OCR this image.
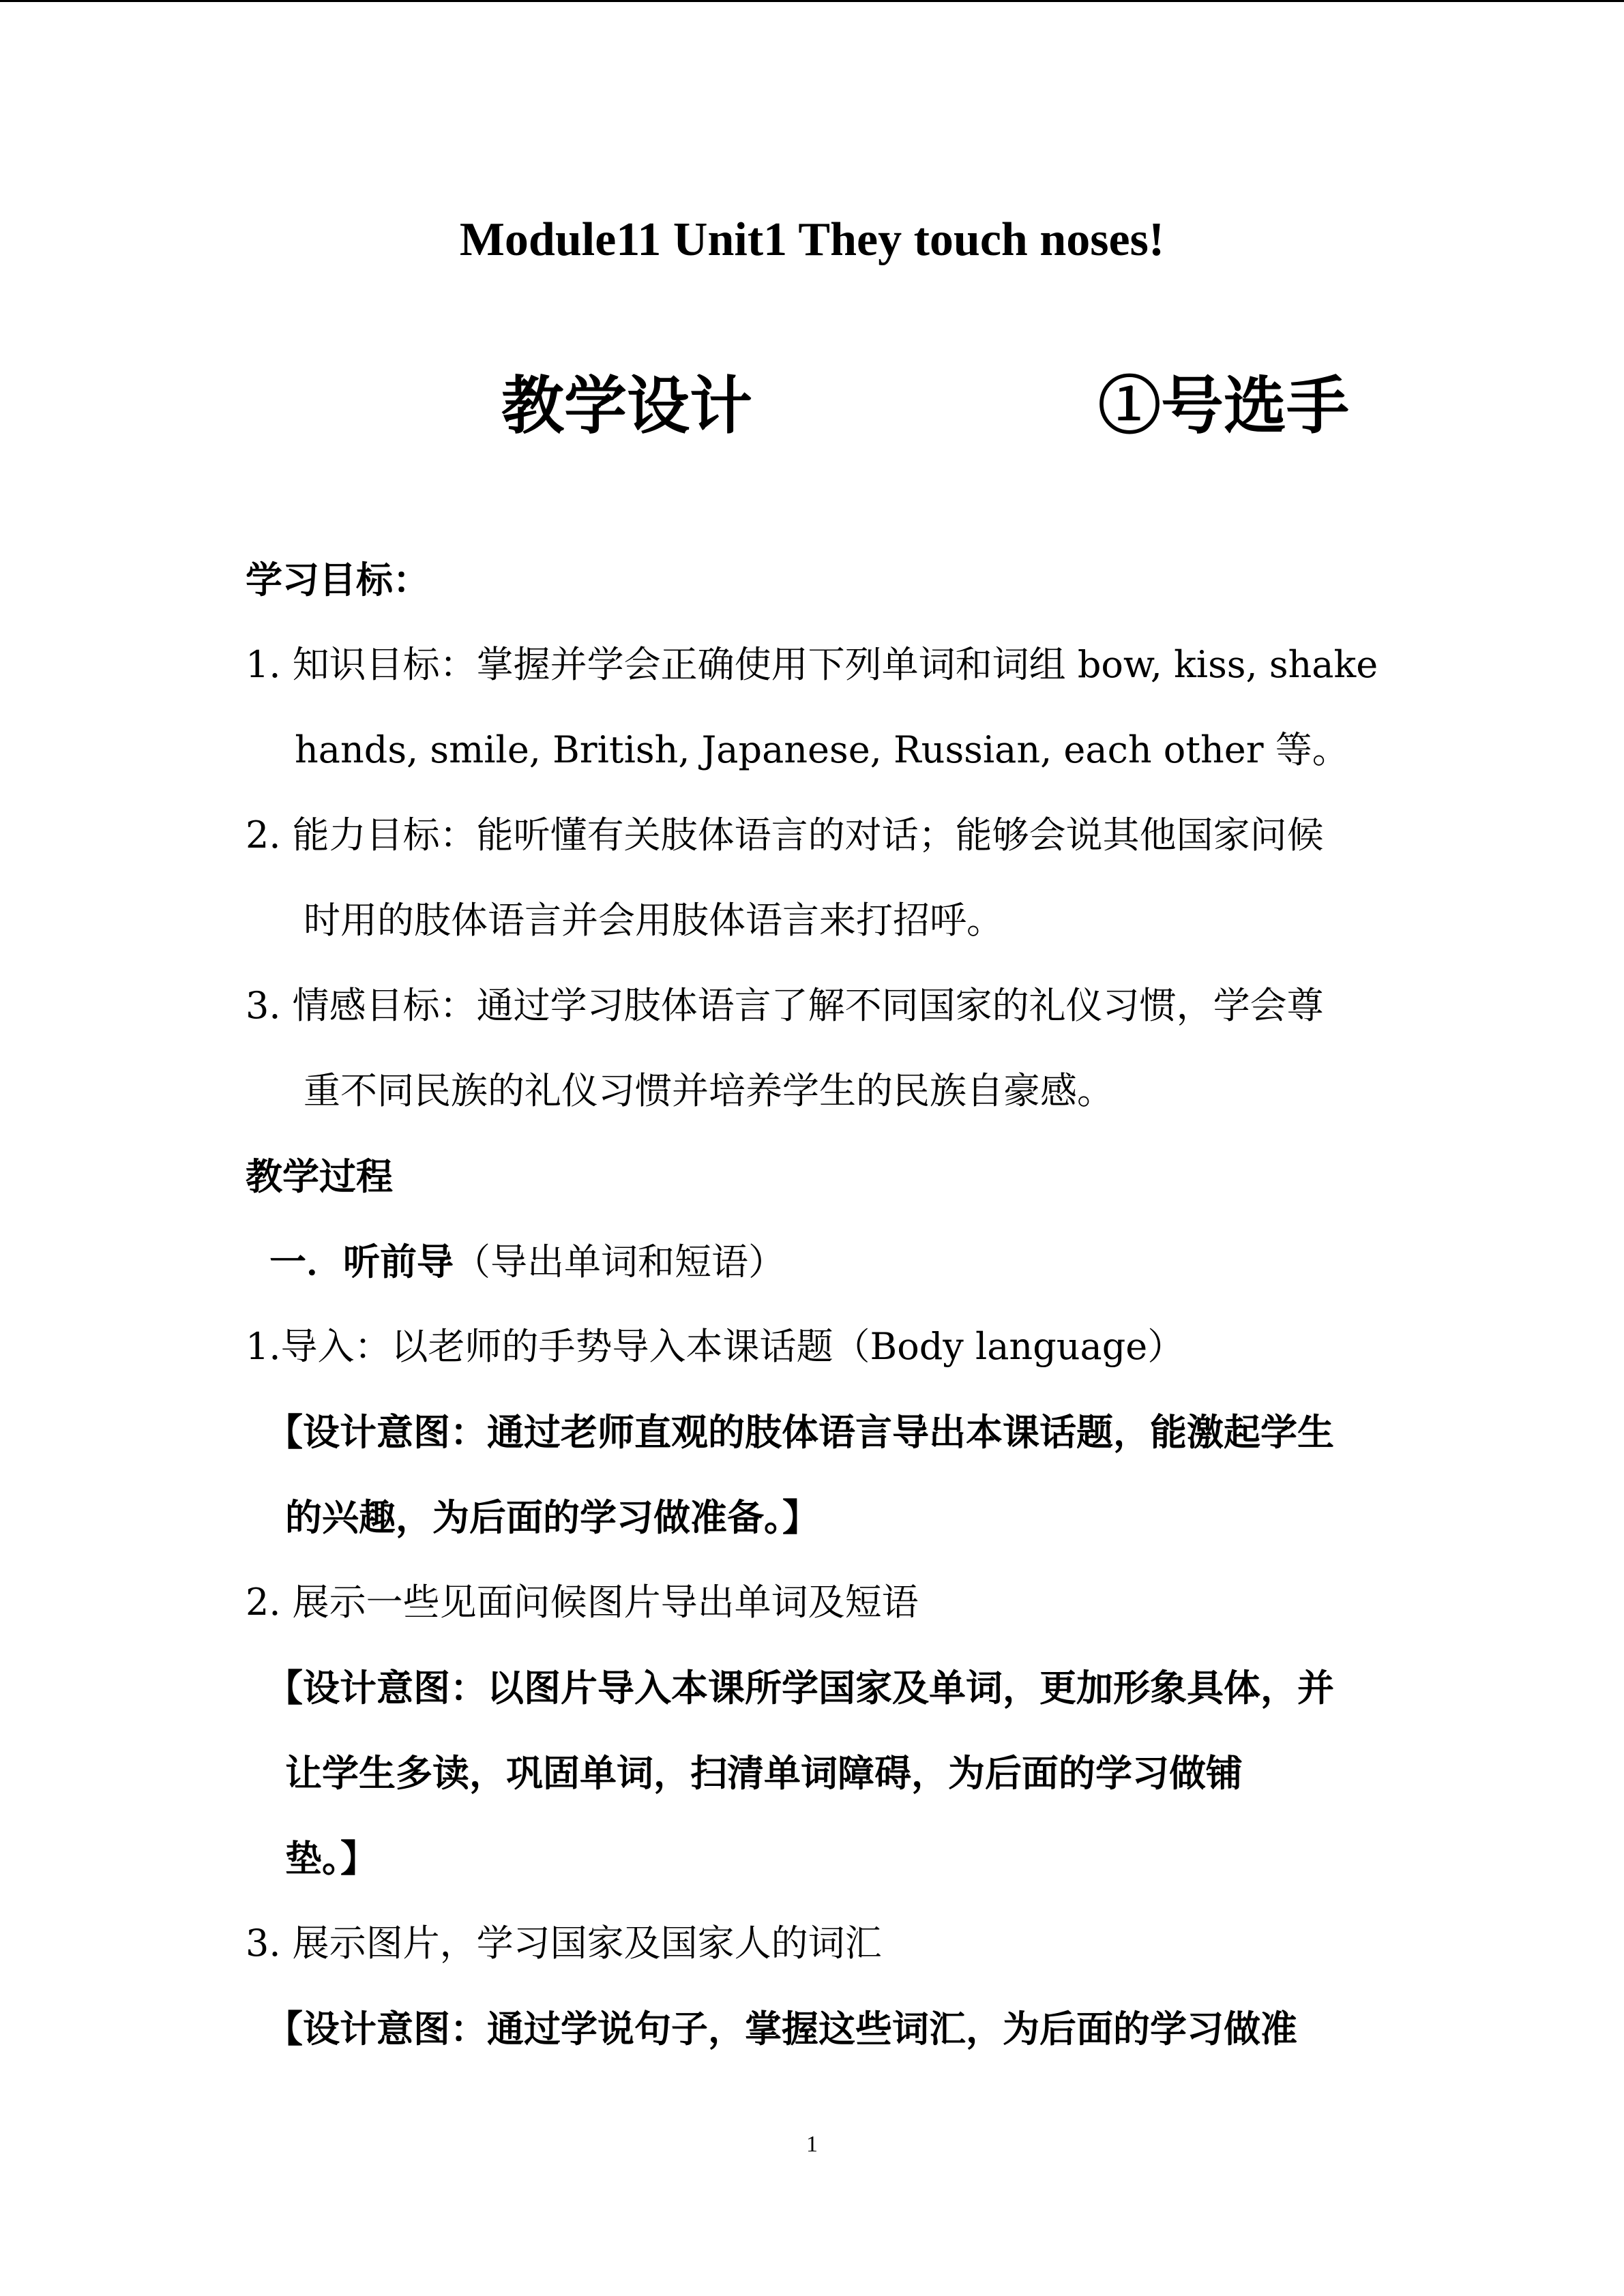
Module11 Unit1 They touch noses!
教学设计	①号选手
学习目标：
1. 知识目标：掌握并学会正确使用下列单词和词组 bow, kiss, shake
hands, smile, British, Japanese, Russian, each other 等。
2. 能力目标：能听懂有关肢体语言的对话；能够会说其他国家问候
时用的肢体语言并会用肢体语言来打招呼。
3. 情感目标：通过学习肢体语言了解不同国家的礼仪习惯，学会尊
重不同民族的礼仪习惯并培养学生的民族自豪感。
教学过程
一．听前导（导出单词和短语）
1.导入：以老师的手势导入本课话题（Body language）
【设计意图：通过老师直观的肢体语言导出本课话题，能激起学生
的兴趣，为后面的学习做准备。】
2. 展示一些见面问候图片导出单词及短语
【设计意图：以图片导入本课所学国家及单词，更加形象具体，并
让学生多读，巩固单词，扫清单词障碍，为后面的学习做铺
垫。】
3. 展示图片，学习国家及国家人的词汇
【设计意图：通过学说句子，掌握这些词汇，为后面的学习做准
1
